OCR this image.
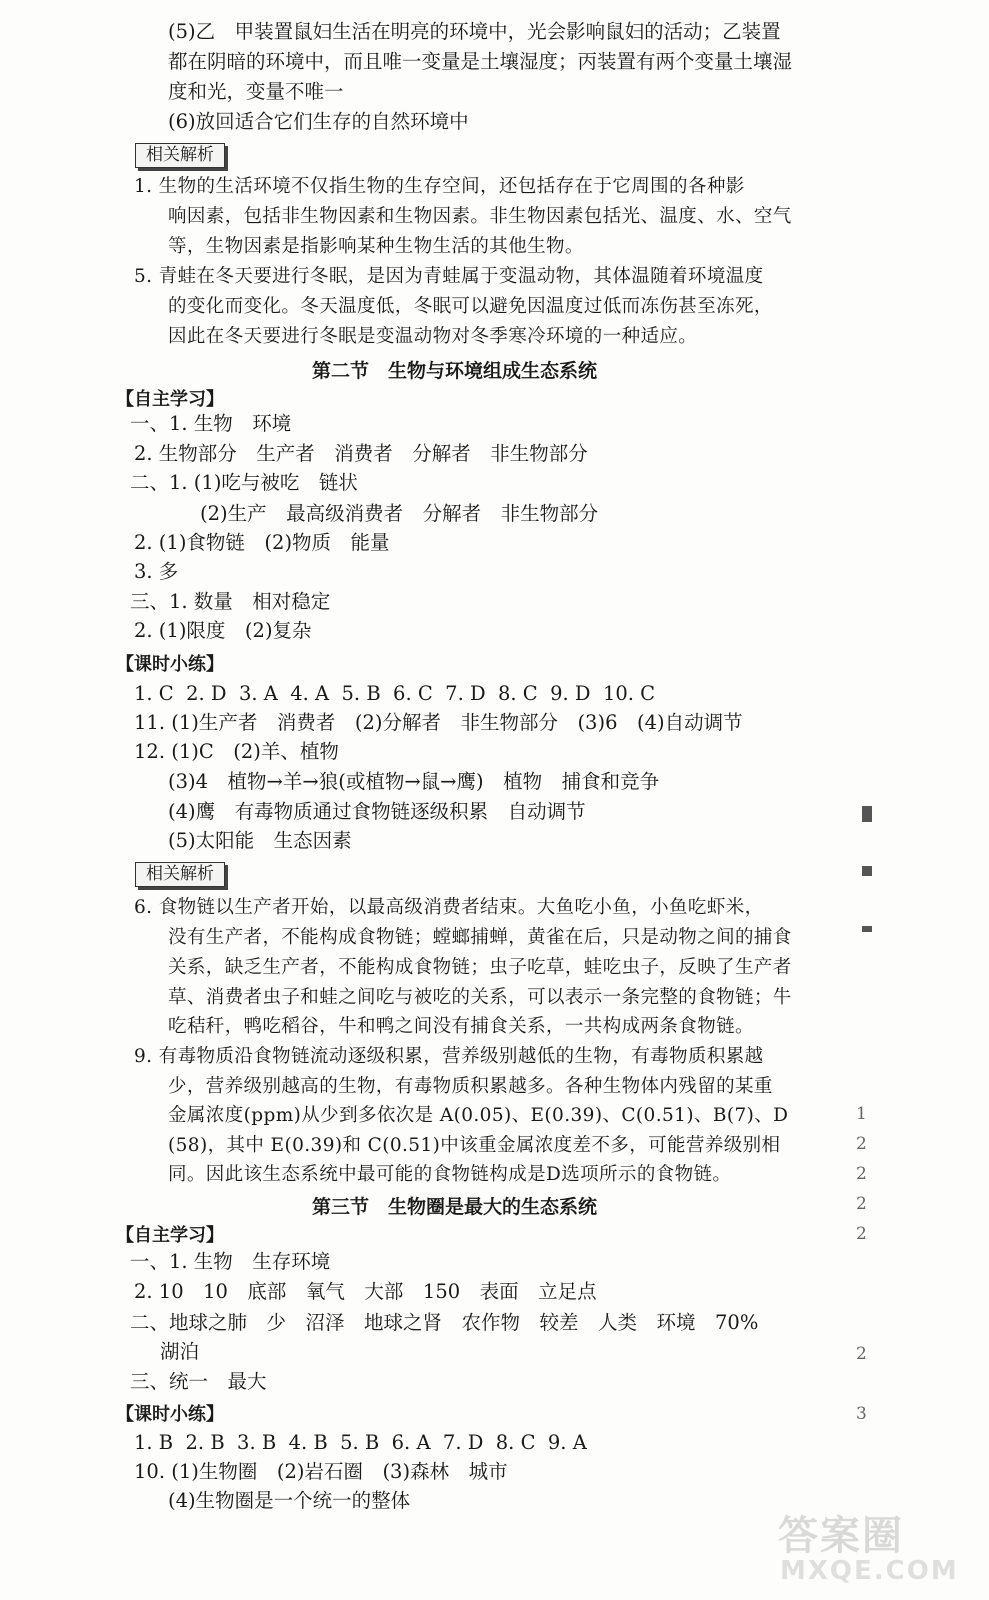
(5)乙　甲装置鼠妇生活在明亮的环境中，光会影响鼠妇的活动；乙装置
都在阴暗的环境中，而且唯一变量是土壤湿度；丙装置有两个变量土壤湿
度和光，变量不唯一
(6)放回适合它们生存的自然环境中
相关解析
1. 生物的生活环境不仅指生物的生存空间，还包括存在于它周围的各种影
响因素，包括非生物因素和生物因素。非生物因素包括光、温度、水、空气
等，生物因素是指影响某种生物生活的其他生物。
5. 青蛙在冬天要进行冬眠，是因为青蛙属于变温动物，其体温随着环境温度
的变化而变化。冬天温度低，冬眠可以避免因温度过低而冻伤甚至冻死，
因此在冬天要进行冬眠是变温动物对冬季寒冷环境的一种适应。
第二节　生物与环境组成生态系统
【自主学习】
一、1. 生物　环境
2. 生物部分　生产者　消费者　分解者　非生物部分
二、1. (1)吃与被吃　链状
(2)生产　最高级消费者　分解者　非生物部分
2. (1)食物链　(2)物质　能量
3. 多
三、1. 数量　相对稳定
2. (1)限度　(2)复杂
【课时小练】
1. C  2. D  3. A  4. A  5. B  6. C  7. D  8. C  9. D  10. C
11. (1)生产者　消费者　(2)分解者　非生物部分　(3)6　(4)自动调节
12. (1)C　(2)羊、植物
(3)4　植物→羊→狼(或植物→鼠→鹰)　植物　捕食和竞争
(4)鹰　有毒物质通过食物链逐级积累　自动调节
(5)太阳能　生态因素
相关解析
6. 食物链以生产者开始，以最高级消费者结束。大鱼吃小鱼，小鱼吃虾米，
没有生产者，不能构成食物链；螳螂捕蝉，黄雀在后，只是动物之间的捕食
关系，缺乏生产者，不能构成食物链；虫子吃草，蛙吃虫子，反映了生产者
草、消费者虫子和蛙之间吃与被吃的关系，可以表示一条完整的食物链；牛
吃秸秆，鸭吃稻谷，牛和鸭之间没有捕食关系，一共构成两条食物链。
9. 有毒物质沿食物链流动逐级积累，营养级别越低的生物，有毒物质积累越
少，营养级别越高的生物，有毒物质积累越多。各种生物体内残留的某重
金属浓度(ppm)从少到多依次是 A(0.05)、E(0.39)、C(0.51)、B(7)、D
(58)，其中 E(0.39)和 C(0.51)中该重金属浓度差不多，可能营养级别相
同。因此该生态系统中最可能的食物链构成是D选项所示的食物链。
第三节　生物圈是最大的生态系统
【自主学习】
一、1. 生物　生存环境
2. 10　10　底部　氧气　大部　150　表面　立足点
二、地球之肺　少　沼泽　地球之肾　农作物　较差　人类　环境　70%
湖泊
三、统一　最大
【课时小练】
1. B  2. B  3. B  4. B  5. B  6. A  7. D  8. C  9. A
10. (1)生物圈　(2)岩石圈　(3)森林　城市
(4)生物圈是一个统一的整体
1
2
2
2
2
2
3
答案圈
MXQE.COM
